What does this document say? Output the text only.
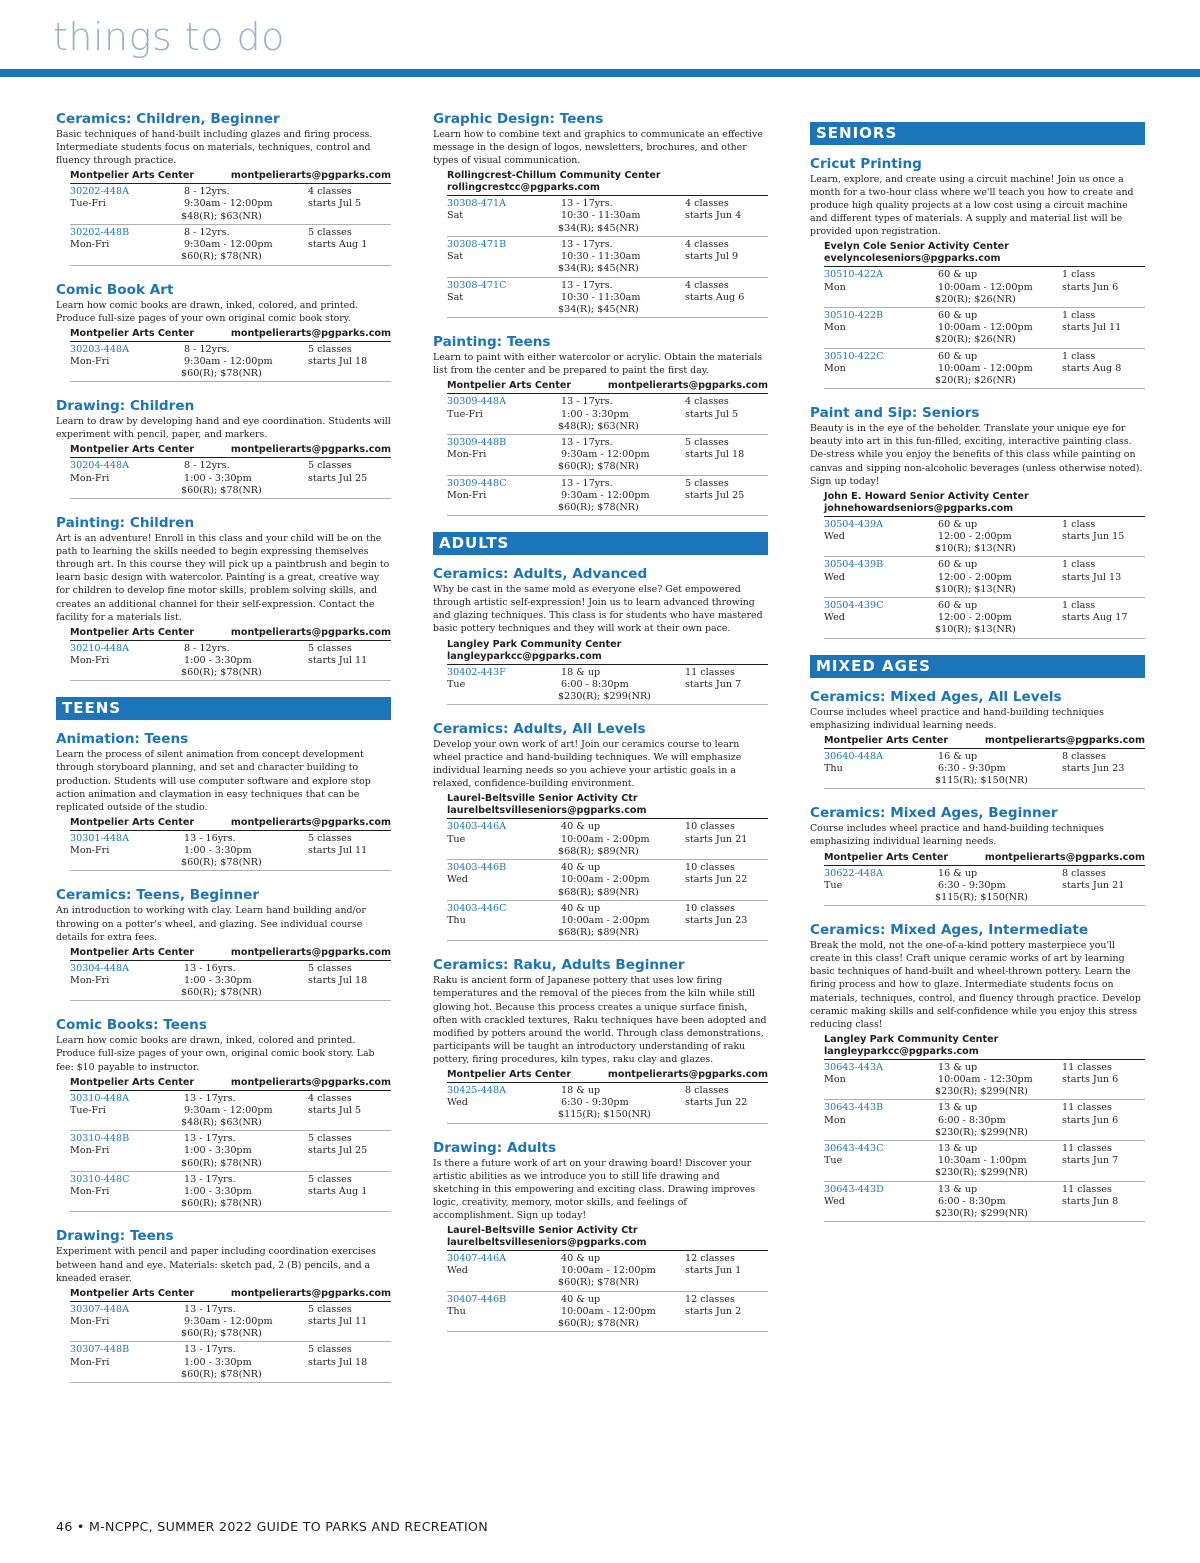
things to do
Ceramics: Children, Beginner
Basic techniques of hand-built including glazes and firing process. Intermediate students focus on materials, techniques, control and fluency through practice.
Montpelier Arts Center	montpelierarts@pgparks.com
30202-448A	8 - 12yrs.	4 classes
Tue-Fri	9:30am - 12:00pm	starts Jul 5
$48(R); $63(NR)
30202-448B	8 - 12yrs.	5 classes
Mon-Fri	9:30am - 12:00pm	starts Aug 1
$60(R); $78(NR)
Comic Book Art
Learn how comic books are drawn, inked, colored, and printed. Produce full-size pages of your own original comic book story.
Montpelier Arts Center	montpelierarts@pgparks.com
30203-448A	8 - 12yrs.	5 classes
Mon-Fri	9:30am - 12:00pm	starts Jul 18
$60(R); $78(NR)
Drawing: Children
Learn to draw by developing hand and eye coordination. Students will experiment with pencil, paper, and markers.
Montpelier Arts Center	montpelierarts@pgparks.com
30204-448A	8 - 12yrs.	5 classes
Mon-Fri	1:00 - 3:30pm	starts Jul 25
$60(R); $78(NR)
Painting: Children
Art is an adventure! Enroll in this class and your child will be on the path to learning the skills needed to begin expressing themselves through art. In this course they will pick up a paintbrush and begin to learn basic design with watercolor. Painting is a great, creative way for children to develop fine motor skills, problem solving skills, and creates an additional channel for their self-expression. Contact the facility for a materials list.
Montpelier Arts Center	montpelierarts@pgparks.com
30210-448A	8 - 12yrs.	5 classes
Mon-Fri	1:00 - 3:30pm	starts Jul 11
$60(R); $78(NR)
TEENS
Animation: Teens
Learn the process of silent animation from concept development through storyboard planning, and set and character building to production. Students will use computer software and explore stop action animation and claymation in easy techniques that can be replicated outside of the studio.
Montpelier Arts Center	montpelierarts@pgparks.com
30301-448A	13 - 16yrs.	5 classes
Mon-Fri	1:00 - 3:30pm	starts Jul 11
$60(R); $78(NR)
Ceramics: Teens, Beginner
An introduction to working with clay. Learn hand building and/or throwing on a potter's wheel, and glazing. See individual course details for extra fees.
Montpelier Arts Center	montpelierarts@pgparks.com
30304-448A	13 - 16yrs.	5 classes
Mon-Fri	1:00 - 3:30pm	starts Jul 18
$60(R); $78(NR)
Comic Books: Teens
Learn how comic books are drawn, inked, colored and printed. Produce full-size pages of your own, original comic book story. Lab fee: $10 payable to instructor.
Montpelier Arts Center	montpelierarts@pgparks.com
30310-448A	13 - 17yrs.	4 classes
Tue-Fri	9:30am - 12:00pm	starts Jul 5
$48(R); $63(NR)
30310-448B	13 - 17yrs.	5 classes
Mon-Fri	1:00 - 3:30pm	starts Jul 25
$60(R); $78(NR)
30310-448C	13 - 17yrs.	5 classes
Mon-Fri	1:00 - 3:30pm	starts Aug 1
$60(R); $78(NR)
Drawing: Teens
Experiment with pencil and paper including coordination exercises between hand and eye. Materials: sketch pad, 2 (B) pencils, and a kneaded eraser.
Montpelier Arts Center	montpelierarts@pgparks.com
30307-448A	13 - 17yrs.	5 classes
Mon-Fri	9:30am - 12:00pm	starts Jul 11
$60(R); $78(NR)
30307-448B	13 - 17yrs.	5 classes
Mon-Fri	1:00 - 3:30pm	starts Jul 18
$60(R); $78(NR)
Graphic Design: Teens
Learn how to combine text and graphics to communicate an effective message in the design of logos, newsletters, brochures, and other types of visual communication.
Rollingcrest-Chillum Community Center
rollingcrestcc@pgparks.com
30308-471A	13 - 17yrs.	4 classes
Sat	10:30 - 11:30am	starts Jun 4
$34(R); $45(NR)
30308-471B	13 - 17yrs.	4 classes
Sat	10:30 - 11:30am	starts Jul 9
$34(R); $45(NR)
30308-471C	13 - 17yrs.	4 classes
Sat	10:30 - 11:30am	starts Aug 6
$34(R); $45(NR)
Painting: Teens
Learn to paint with either watercolor or acrylic. Obtain the materials list from the center and be prepared to paint the first day.
Montpelier Arts Center	montpelierarts@pgparks.com
30309-448A	13 - 17yrs.	4 classes
Tue-Fri	1:00 - 3:30pm	starts Jul 5
$48(R); $63(NR)
30309-448B	13 - 17yrs.	5 classes
Mon-Fri	9:30am - 12:00pm	starts Jul 18
$60(R); $78(NR)
30309-448C	13 - 17yrs.	5 classes
Mon-Fri	9:30am - 12:00pm	starts Jul 25
$60(R); $78(NR)
ADULTS
Ceramics: Adults, Advanced
Why be cast in the same mold as everyone else? Get empowered through artistic self-expression! Join us to learn advanced throwing and glazing techniques. This class is for students who have mastered basic pottery techniques and they will work at their own pace.
Langley Park Community Center
langleyparkcc@pgparks.com
30402-443F	18 & up	11 classes
Tue	6:00 - 8:30pm	starts Jun 7
$230(R); $299(NR)
Ceramics: Adults, All Levels
Develop your own work of art! Join our ceramics course to learn wheel practice and hand-building techniques. We will emphasize individual learning needs so you achieve your artistic goals in a relaxed, confidence-building environment.
Laurel-Beltsville Senior Activity Ctr
laurelbeltsvilleseniors@pgparks.com
30403-446A	40 & up	10 classes
Tue	10:00am - 2:00pm	starts Jun 21
$68(R); $89(NR)
30403-446B	40 & up	10 classes
Wed	10:00am - 2:00pm	starts Jun 22
$68(R); $89(NR)
30403-446C	40 & up	10 classes
Thu	10:00am - 2:00pm	starts Jun 23
$68(R); $89(NR)
Ceramics: Raku, Adults Beginner
Raku is ancient form of Japanese pottery that uses low firing temperatures and the removal of the pieces from the kiln while still glowing hot. Because this process creates a unique surface finish, often with crackled textures, Raku techniques have been adopted and modified by potters around the world. Through class demonstrations, participants will be taught an introductory understanding of raku pottery, firing procedures, kiln types, raku clay and glazes.
Montpelier Arts Center	montpelierarts@pgparks.com
30425-448A	18 & up	8 classes
Wed	6:30 - 9:30pm	starts Jun 22
$115(R); $150(NR)
Drawing: Adults
Is there a future work of art on your drawing board! Discover your artistic abilities as we introduce you to still life drawing and sketching in this empowering and exciting class. Drawing improves logic, creativity, memory, motor skills, and feelings of accomplishment. Sign up today!
Laurel-Beltsville Senior Activity Ctr
laurelbeltsvilleseniors@pgparks.com
30407-446A	40 & up	12 classes
Wed	10:00am - 12:00pm	starts Jun 1
$60(R); $78(NR)
30407-446B	40 & up	12 classes
Thu	10:00am - 12:00pm	starts Jun 2
$60(R); $78(NR)
SENIORS
Cricut Printing
Learn, explore, and create using a circuit machine! Join us once a month for a two-hour class where we'll teach you how to create and produce high quality projects at a low cost using a circuit machine and different types of materials. A supply and material list will be provided upon registration.
Evelyn Cole Senior Activity Center
evelyncoleseniors@pgparks.com
30510-422A	60 & up	1 class
Mon	10:00am - 12:00pm	starts Jun 6
$20(R); $26(NR)
30510-422B	60 & up	1 class
Mon	10:00am - 12:00pm	starts Jul 11
$20(R); $26(NR)
30510-422C	60 & up	1 class
Mon	10:00am - 12:00pm	starts Aug 8
$20(R); $26(NR)
Paint and Sip: Seniors
Beauty is in the eye of the beholder. Translate your unique eye for beauty into art in this fun-filled, exciting, interactive painting class. De-stress while you enjoy the benefits of this class while painting on canvas and sipping non-alcoholic beverages (unless otherwise noted). Sign up today!
John E. Howard Senior Activity Center
johnehowardseniors@pgparks.com
30504-439A	60 & up	1 class
Wed	12:00 - 2:00pm	starts Jun 15
$10(R); $13(NR)
30504-439B	60 & up	1 class
Wed	12:00 - 2:00pm	starts Jul 13
$10(R); $13(NR)
30504-439C	60 & up	1 class
Wed	12:00 - 2:00pm	starts Aug 17
$10(R); $13(NR)
MIXED AGES
Ceramics: Mixed Ages, All Levels
Course includes wheel practice and hand-building techniques emphasizing individual learning needs.
Montpelier Arts Center	montpelierarts@pgparks.com
30640-448A	16 & up	8 classes
Thu	6:30 - 9:30pm	starts Jun 23
$115(R); $150(NR)
Ceramics: Mixed Ages, Beginner
Course includes wheel practice and hand-building techniques emphasizing individual learning needs.
Montpelier Arts Center	montpelierarts@pgparks.com
30622-448A	16 & up	8 classes
Tue	6:30 - 9:30pm	starts Jun 21
$115(R); $150(NR)
Ceramics: Mixed Ages, Intermediate
Break the mold, not the one-of-a-kind pottery masterpiece you'll create in this class! Craft unique ceramic works of art by learning basic techniques of hand-built and wheel-thrown pottery. Learn the firing process and how to glaze. Intermediate students focus on materials, techniques, control, and fluency through practice. Develop ceramic making skills and self-confidence while you enjoy this stress reducing class!
Langley Park Community Center
langleyparkcc@pgparks.com
30643-443A	13 & up	11 classes
Mon	10:00am - 12:30pm	starts Jun 6
$230(R); $299(NR)
30643-443B	13 & up	11 classes
Mon	6:00 - 8:30pm	starts Jun 6
$230(R); $299(NR)
30643-443C	13 & up	11 classes
Tue	10:30am - 1:00pm	starts Jun 7
$230(R); $299(NR)
30643-443D	13 & up	11 classes
Wed	6:00 - 8:30pm	starts Jun 8
$230(R); $299(NR)
46 • M-NCPPC, SUMMER 2022 GUIDE TO PARKS AND RECREATION
